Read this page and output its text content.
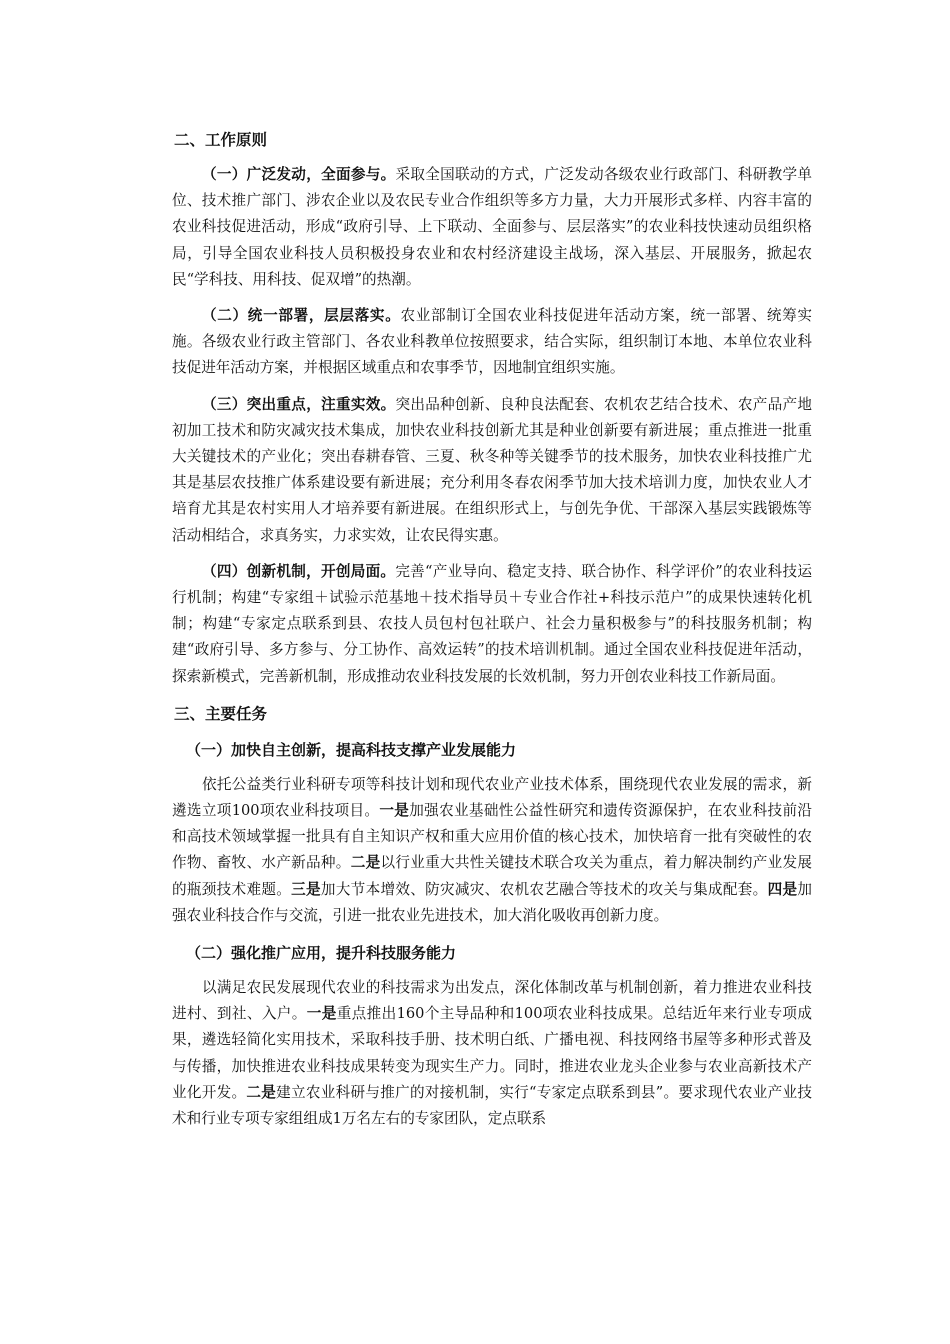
二、工作原则

（一）广泛发动，全面参与。采取全国联动的方式，广泛发动各级农业行政部门、科研教学单位、技术推广部门、涉农企业以及农民专业合作组织等多方力量，大力开展形式多样、内容丰富的农业科技促进活动，形成“政府引导、上下联动、全面参与、层层落实”的农业科技快速动员组织格局，引导全国农业科技人员积极投身农业和农村经济建设主战场，深入基层、开展服务，掀起农民“学科技、用科技、促双增”的热潮。

（二）统一部署，层层落实。农业部制订全国农业科技促进年活动方案，统一部署、统筹实施。各级农业行政主管部门、各农业科教单位按照要求，结合实际，组织制订本地、本单位农业科技促进年活动方案，并根据区域重点和农事季节，因地制宜组织实施。

（三）突出重点，注重实效。突出品种创新、良种良法配套、农机农艺结合技术、农产品产地初加工技术和防灾减灾技术集成，加快农业科技创新尤其是种业创新要有新进展；重点推进一批重大关键技术的产业化；突出春耕春管、三夏、秋冬种等关键季节的技术服务，加快农业科技推广尤其是基层农技推广体系建设要有新进展；充分利用冬春农闲季节加大技术培训力度，加快农业人才培育尤其是农村实用人才培养要有新进展。在组织形式上，与创先争优、干部深入基层实践锻炼等活动相结合，求真务实，力求实效，让农民得实惠。

（四）创新机制，开创局面。完善“产业导向、稳定支持、联合协作、科学评价”的农业科技运行机制；构建“专家组＋试验示范基地＋技术指导员＋专业合作社+科技示范户”的成果快速转化机制；构建“专家定点联系到县、农技人员包村包社联户、社会力量积极参与”的科技服务机制；构建“政府引导、多方参与、分工协作、高效运转”的技术培训机制。通过全国农业科技促进年活动，探索新模式，完善新机制，形成推动农业科技发展的长效机制，努力开创农业科技工作新局面。

三、主要任务
（一）加快自主创新，提高科技支撑产业发展能力

依托公益类行业科研专项等科技计划和现代农业产业技术体系，围绕现代农业发展的需求，新遴选立项100项农业科技项目。一是加强农业基础性公益性研究和遗传资源保护，在农业科技前沿和高技术领域掌握一批具有自主知识产权和重大应用价值的核心技术，加快培育一批有突破性的农作物、畜牧、水产新品种。二是以行业重大共性关键技术联合攻关为重点，着力解决制约产业发展的瓶颈技术难题。三是加大节本增效、防灾减灾、农机农艺融合等技术的攻关与集成配套。四是加强农业科技合作与交流，引进一批农业先进技术，加大消化吸收再创新力度。

（二）强化推广应用，提升科技服务能力

以满足农民发展现代农业的科技需求为出发点，深化体制改革与机制创新，着力推进农业科技进村、到社、入户。一是重点推出160个主导品种和100项农业科技成果。总结近年来行业专项成果，遴选轻简化实用技术，采取科技手册、技术明白纸、广播电视、科技网络书屋等多种形式普及与传播，加快推进农业科技成果转变为现实生产力。同时，推进农业龙头企业参与农业高新技术产业化开发。二是建立农业科研与推广的对接机制，实行“专家定点联系到县”。要求现代农业产业技术和行业专项专家组组成1万名左右的专家团队，定点联系
